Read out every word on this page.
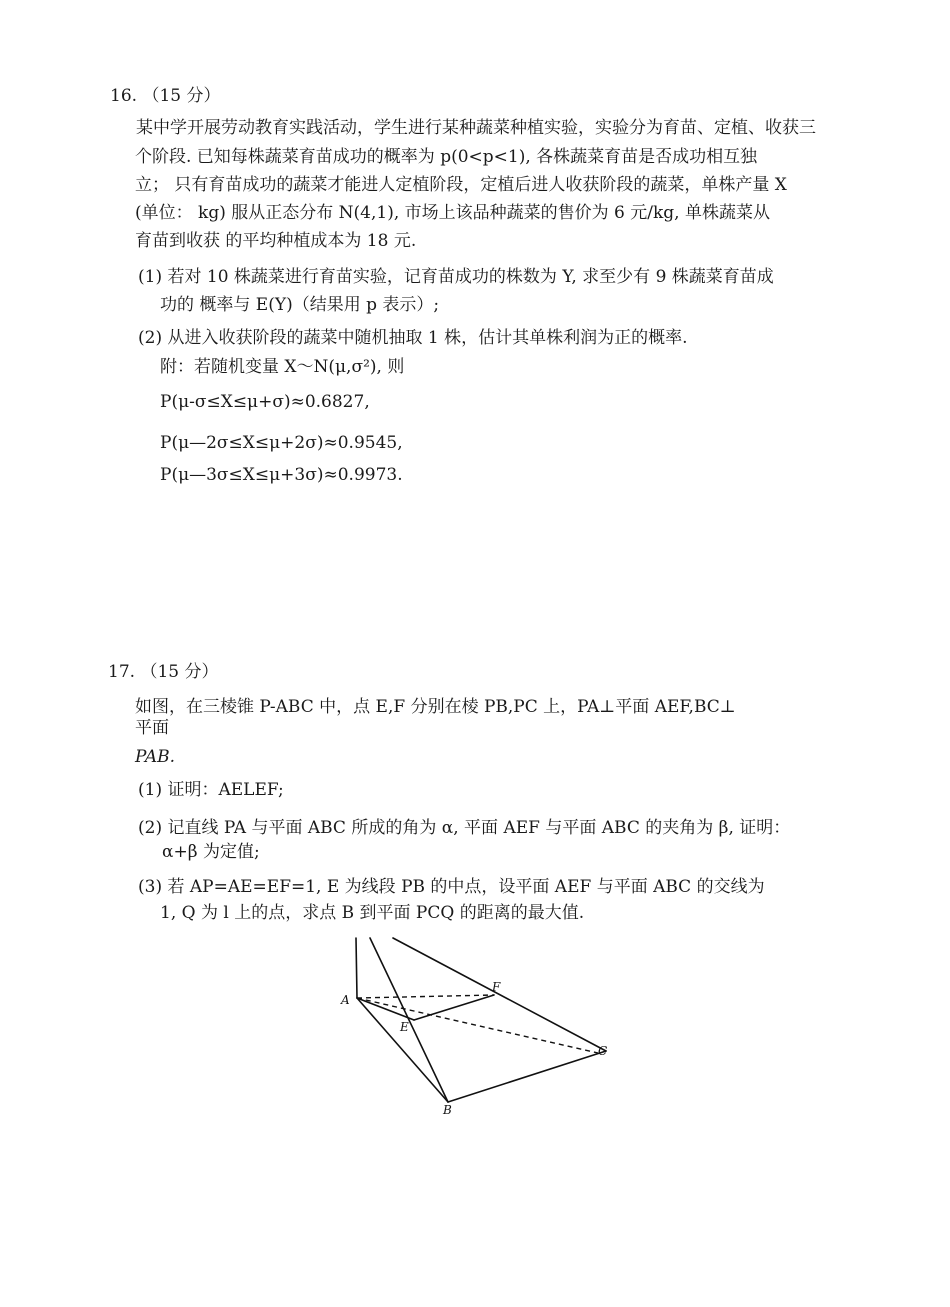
16. （15 分）
某中学开展劳动教育实践活动，学生进行某种蔬菜种植实验，实验分为育苗、定植、收获三
个阶段. 已知每株蔬菜育苗成功的概率为 p(0<p<1), 各株蔬菜育苗是否成功相互独
立； 只有育苗成功的蔬菜才能进人定植阶段，定植后进人收获阶段的蔬菜，单株产量 X
(单位： kg) 服从正态分布 N(4,1), 市场上该品种蔬菜的售价为 6 元/kg, 单株蔬菜从
育苗到收获 的平均种植成本为 18 元.
(1) 若对 10 株蔬菜进行育苗实验，记育苗成功的株数为 Y, 求至少有 9 株蔬菜育苗成
功的 概率与 E(Y)（结果用 p 表示）;
(2) 从进入收获阶段的蔬菜中随机抽取 1 株，估计其单株利润为正的概率.
附：若随机变量 X～N(μ,σ²), 则
P(μ-σ≤X≤μ+σ)≈0.6827,
P(μ—2σ≤X≤μ+2σ)≈0.9545,
P(μ—3σ≤X≤μ+3σ)≈0.9973.
17. （15 分）
如图，在三棱锥 P-ABC 中，点 E,F 分别在棱 PB,PC 上，PA⊥平面 AEF,BC⊥
平面
PAB.
(1) 证明：AELEF;
(2) 记直线 PA 与平面 ABC 所成的角为 α, 平面 AEF 与平面 ABC 的夹角为 β, 证明：
α+β 为定值;
(3) 若 AP=AE=EF=1, E 为线段 PB 的中点，设平面 AEF 与平面 ABC 的交线为
1, Q 为 l 上的点，求点 B 到平面 PCQ 的距离的最大值.
A
E
F
B
C
